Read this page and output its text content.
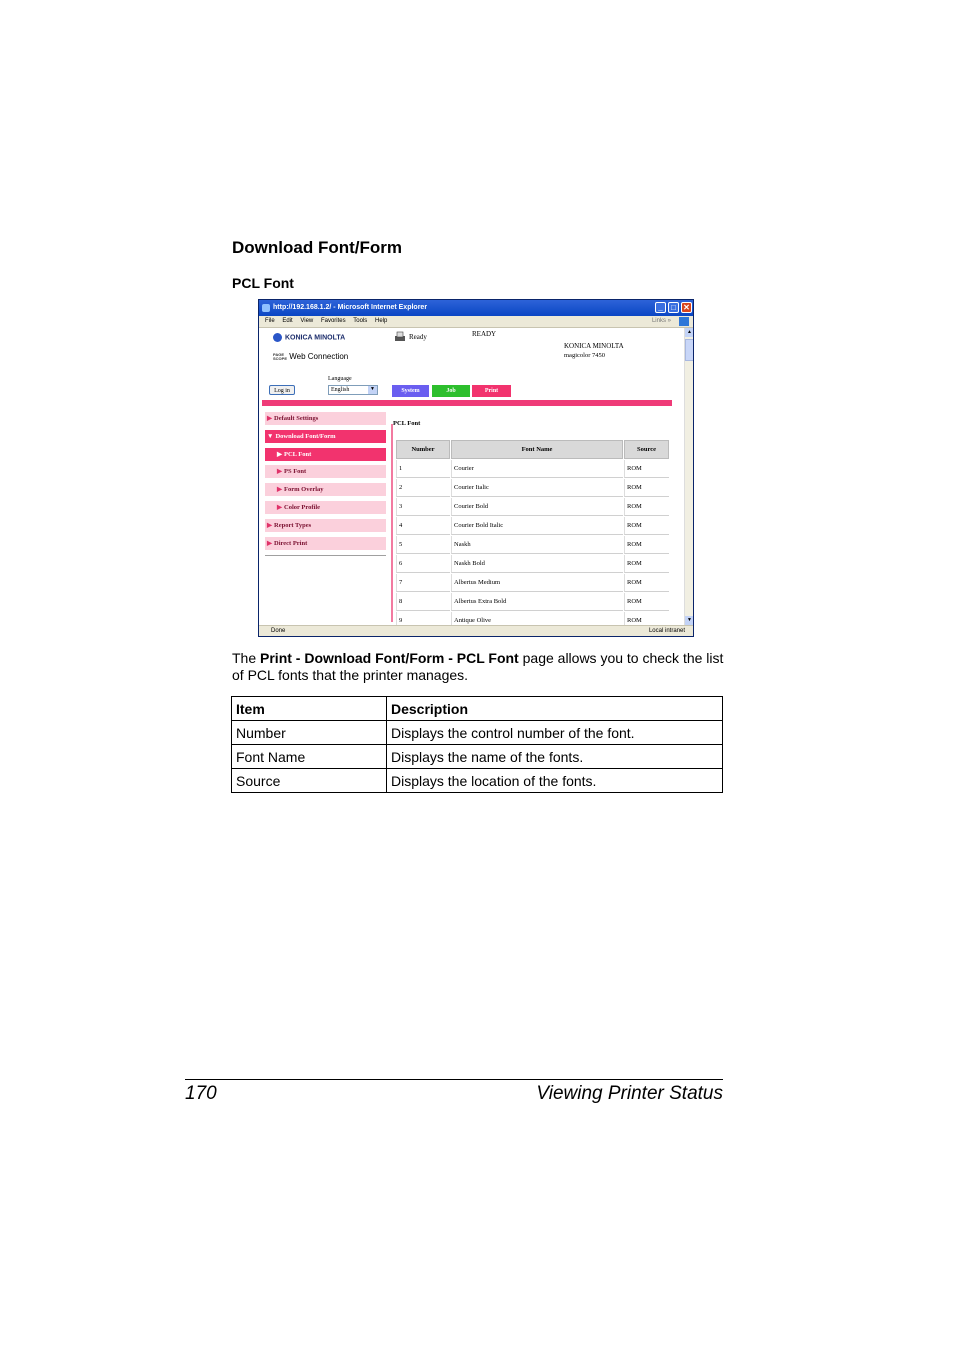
Download Font/Form
PCL Font
http://192.168.1.2/ - Microsoft Internet Explorer	_	□ ✕
File Edit View Favorites Tools Help	Links »
KONICA MINOLTA
PAGE SCOPE Web Connection
Ready	READY
KONICA MINOLTA
magicolor 7450
Log in
Language
English	▼	System	Job	Print
▶ Default Settings
▼ Download Font/Form
▶ PCL Font
▶ PS Font
▶ Form Overlay
▶ Color Profile
▶ Report Types
▶ Direct Print
PCL Font
Number	Font Name	Source
1	Courier	ROM
2	Courier Italic	ROM
3	Courier Bold	ROM
4	Courier Bold Italic	ROM
5	Naskh	ROM
6	Naskh Bold	ROM
7	Albertus Medium	ROM
8	Albertus Extra Bold	ROM
9	Antique Olive	ROM
▲
▼
Done	Local intranet
The Print - Download Font/Form - PCL Font page allows you to check the list of PCL fonts that the printer manages.
Item	Description
Number	Displays the control number of the font.
Font Name	Displays the name of the fonts.
Source	Displays the location of the fonts.
170	Viewing Printer Status
